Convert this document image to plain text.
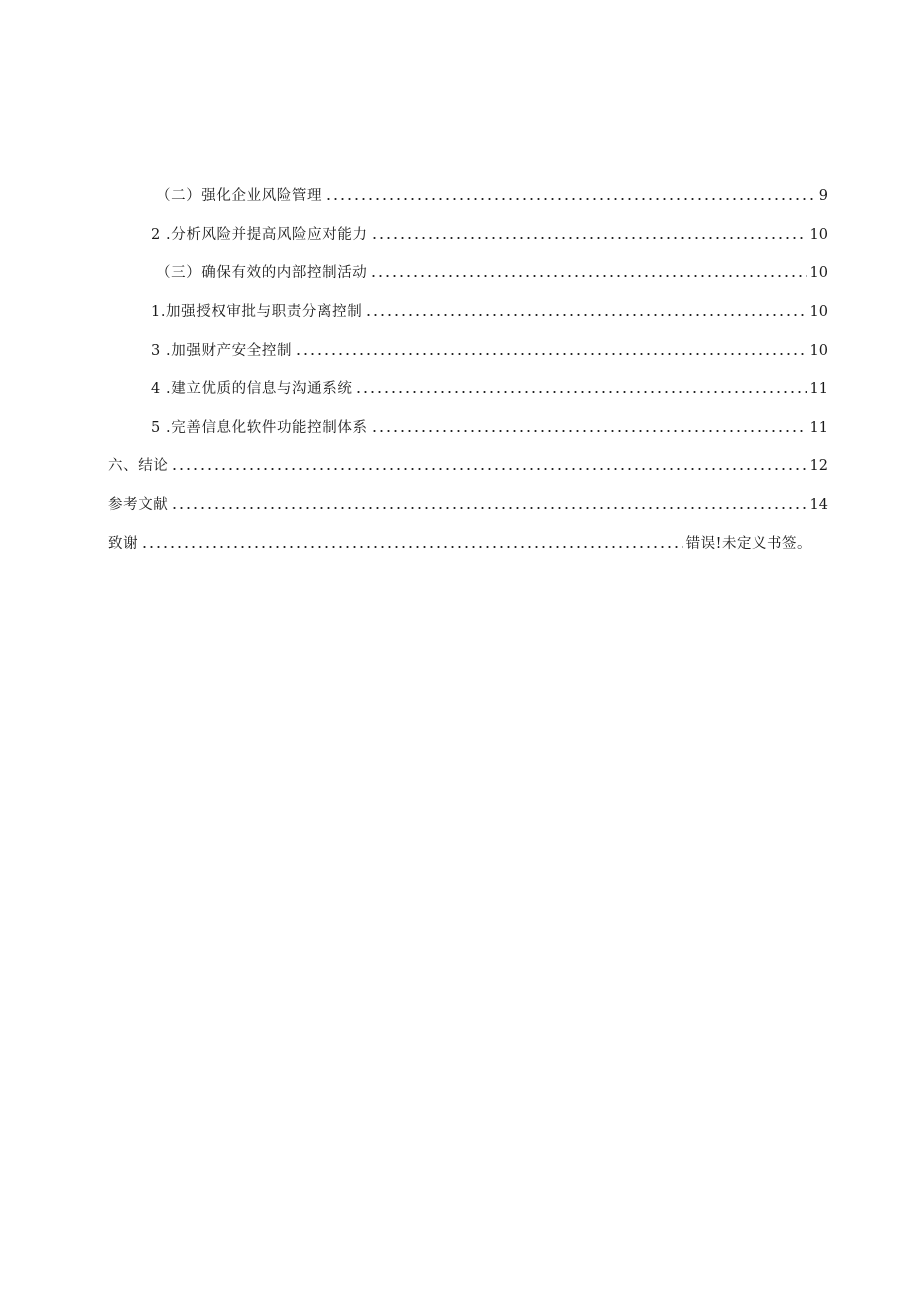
（二）强化企业风险管理	9
2 .分析风险并提高风险应对能力	10
（三）确保有效的内部控制活动	10
1.加强授权审批与职责分离控制	10
3 .加强财产安全控制	10
4 .建立优质的信息与沟通系统	11
5 .完善信息化软件功能控制体系	11
六、结论	12
参考文献	14
致谢	错误!未定义书签。
